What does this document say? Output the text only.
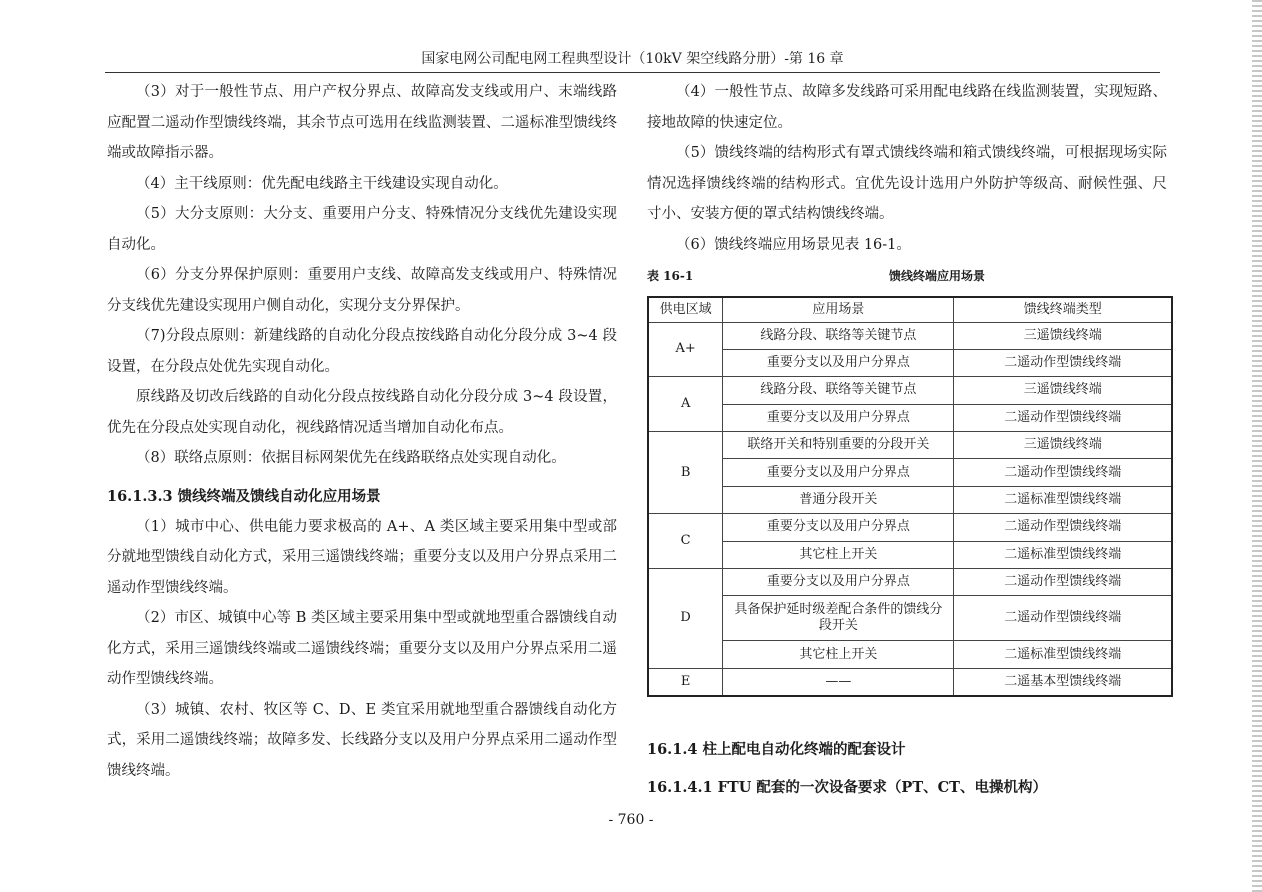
国家电网公司配电网工程典型设计（10kV 架空线路分册）-第 16 章

（3）对于一般性节点、用户产权分界点、故障高发支线或用户、末端线路应配置二遥动作型馈线终端，其余节点可选用在线监测装置、二遥标准型馈线终端或故障指示器。

（4）主干线原则：优先配电线路主干线建设实现自动化。

（5）大分支原则：大分支、重要用户分支、特殊情况分支线优先建设实现自动化。

（6）分支分界保护原则：重要用户支线、故障高发支线或用户、特殊情况分支线优先建设实现用户侧自动化，实现分支分界保护。

（7)分段点原则：新建线路的自动化分段点按线路自动化分段分成 3~4 段设置，在分段点处优先实现自动化。

原线路及切改后线路的自动化分段点按线路自动化分段分成 3~4 段设置，优先在分段点处实现自动化，视线路情况适当增加自动化布点。

（8）联络点原则：依据目标网架优先在线路联络点处实现自动化。

16.1.3.3 馈线终端及馈线自动化应用场景

（1）城市中心、供电能力要求极高的 A+、A 类区域主要采用集中型或部分就地型馈线自动化方式，采用三遥馈线终端；重要分支以及用户分界点采用二遥动作型馈线终端。

（2）市区、城镇中心等 B 类区域主要采用集中型或就地型重合器馈线自动化方式，采用三遥馈线终端或二遥馈线终端；重要分支以及用户分界点采用二遥动作型馈线终端。

（3）城镇、农村、牧区等 C、D、E 类宜采用就地型重合器馈线自动化方式，采用二遥馈线终端；故障多发、长线路分支以及用户分界点采用二遥动作型馈线终端。

（4）一般性节点、故障多发线路可采用配电线路在线监测装置，实现短路、接地故障的快速定位。

（5）馈线终端的结构形式有罩式馈线终端和箱式馈线终端，可根据现场实际情况选择馈线终端的结构形式。宜优先设计选用户外防护等级高、耐候性强、尺寸小、安装方便的罩式结构馈线终端。

（6）馈线终端应用场景见表 16-1。

表 16-1	馈线终端应用场景
供电区域	应用场景	馈线终端类型
A+	线路分段、联络等关键节点	三遥馈线终端
	重要分支以及用户分界点	二遥动作型馈线终端
A	线路分段、联络等关键节点	三遥馈线终端
	重要分支以及用户分界点	二遥动作型馈线终端
B	联络开关和特别重要的分段开关	三遥馈线终端
	重要分支以及用户分界点	二遥动作型馈线终端
	普通分段开关	二遥标准型馈线终端
C	重要分支以及用户分界点	二遥动作型馈线终端
	其它柱上开关	二遥标准型馈线终端
D	重要分支以及用户分界点	二遥动作型馈线终端
	具备保护延时级差配合条件的馈线分段开关	二遥动作型馈线终端
	其它柱上开关	二遥标准型馈线终端
E	——	二遥基本型馈线终端
16.1.4 柱上配电自动化终端的配套设计
16.1.4.1 FTU 配套的一次设备要求（PT、CT、电操机构）
- 760 -
